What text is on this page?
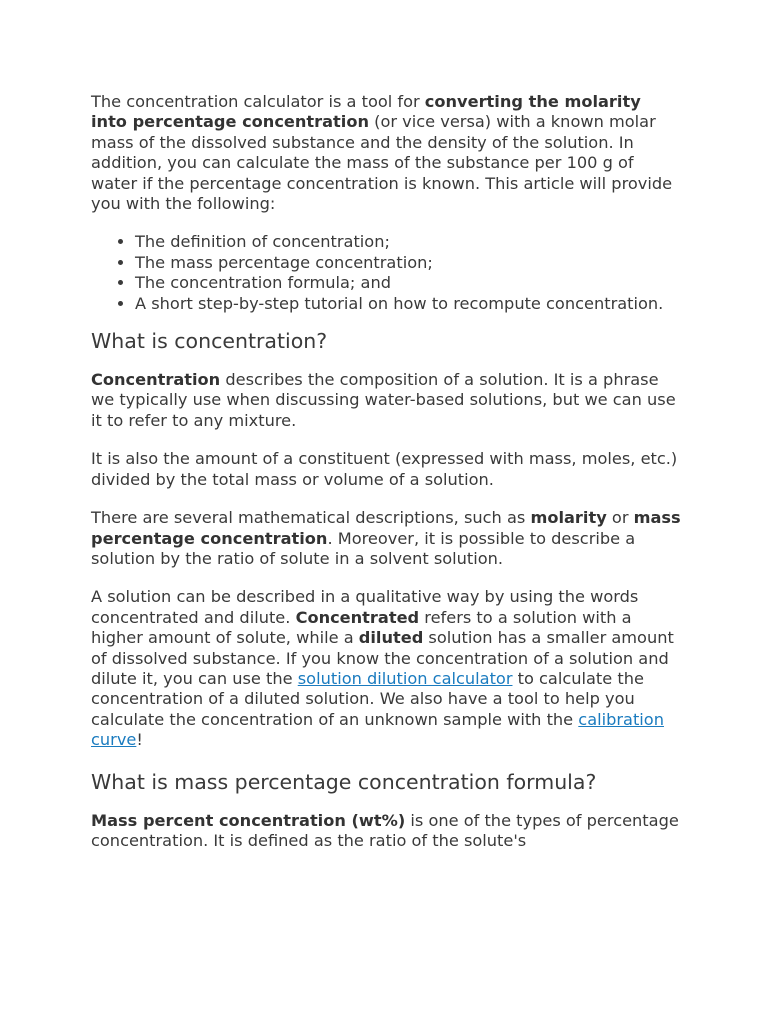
The concentration calculator is a tool for converting the molarity into percentage concentration (or vice versa) with a known molar mass of the dissolved substance and the density of the solution. In addition, you can calculate the mass of the substance per 100 g of water if the percentage concentration is known. This article will provide you with the following:

• The definition of concentration;
• The mass percentage concentration;
• The concentration formula; and
• A short step-by-step tutorial on how to recompute concentration.
What is concentration?

Concentration describes the composition of a solution. It is a phrase we typically use when discussing water-based solutions, but we can use it to refer to any mixture.

It is also the amount of a constituent (expressed with mass, moles, etc.) divided by the total mass or volume of a solution.

There are several mathematical descriptions, such as molarity or mass percentage concentration. Moreover, it is possible to describe a solution by the ratio of solute in a solvent solution.

A solution can be described in a qualitative way by using the words concentrated and dilute. Concentrated refers to a solution with a higher amount of solute, while a diluted solution has a smaller amount of dissolved substance. If you know the concentration of a solution and dilute it, you can use the solution dilution calculator to calculate the concentration of a diluted solution. We also have a tool to help you calculate the concentration of an unknown sample with the calibration curve!

What is mass percentage concentration formula?

Mass percent concentration (wt%) is one of the types of percentage concentration. It is defined as the ratio of the solute's
